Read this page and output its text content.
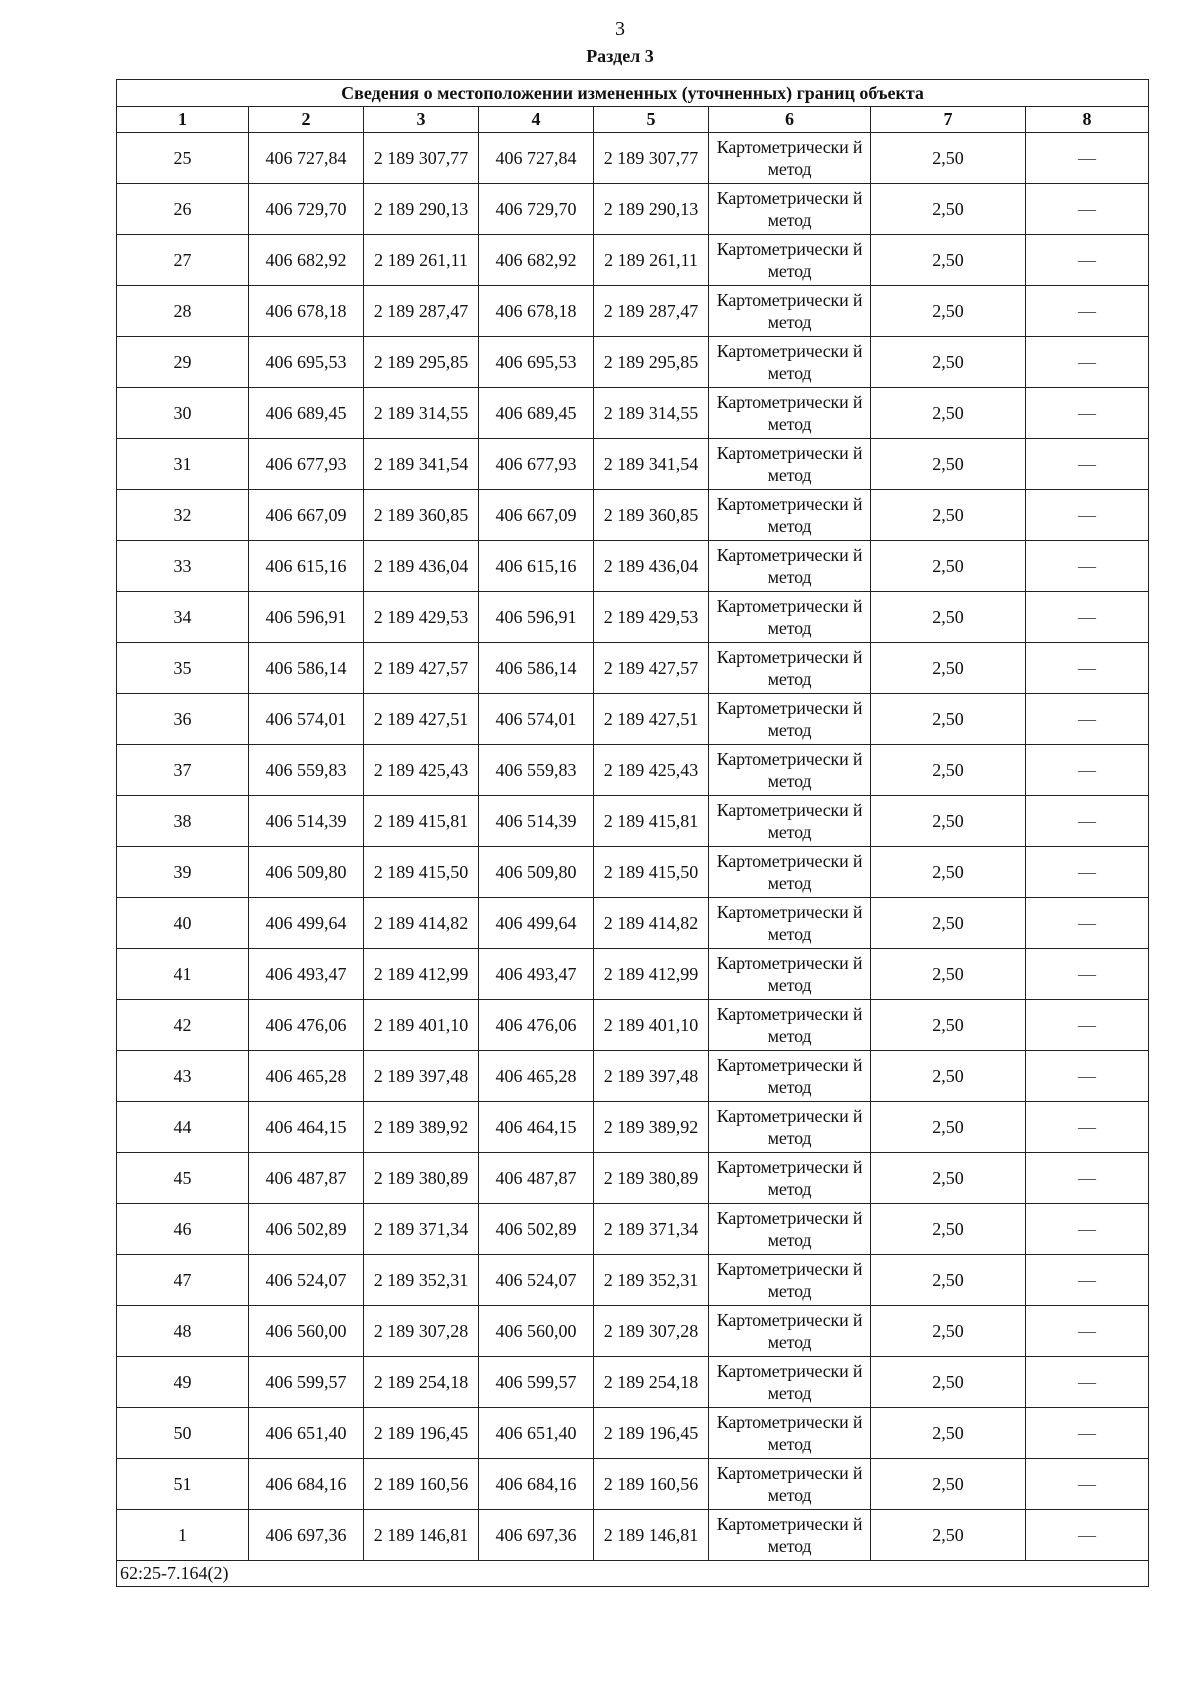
3
Раздел 3
Сведения о местоположении измененных (уточненных) границ объекта							
1	2	3	4	5	6	7	8
25	406 727,84	2 189 307,77	406 727,84	2 189 307,77	Картометрически й метод	2,50	—
26	406 729,70	2 189 290,13	406 729,70	2 189 290,13	Картометрически й метод	2,50	—
27	406 682,92	2 189 261,11	406 682,92	2 189 261,11	Картометрически й метод	2,50	—
28	406 678,18	2 189 287,47	406 678,18	2 189 287,47	Картометрически й метод	2,50	—
29	406 695,53	2 189 295,85	406 695,53	2 189 295,85	Картометрически й метод	2,50	—
30	406 689,45	2 189 314,55	406 689,45	2 189 314,55	Картометрически й метод	2,50	—
31	406 677,93	2 189 341,54	406 677,93	2 189 341,54	Картометрически й метод	2,50	—
32	406 667,09	2 189 360,85	406 667,09	2 189 360,85	Картометрически й метод	2,50	—
33	406 615,16	2 189 436,04	406 615,16	2 189 436,04	Картометрически й метод	2,50	—
34	406 596,91	2 189 429,53	406 596,91	2 189 429,53	Картометрически й метод	2,50	—
35	406 586,14	2 189 427,57	406 586,14	2 189 427,57	Картометрически й метод	2,50	—
36	406 574,01	2 189 427,51	406 574,01	2 189 427,51	Картометрически й метод	2,50	—
37	406 559,83	2 189 425,43	406 559,83	2 189 425,43	Картометрически й метод	2,50	—
38	406 514,39	2 189 415,81	406 514,39	2 189 415,81	Картометрически й метод	2,50	—
39	406 509,80	2 189 415,50	406 509,80	2 189 415,50	Картометрически й метод	2,50	—
40	406 499,64	2 189 414,82	406 499,64	2 189 414,82	Картометрически й метод	2,50	—
41	406 493,47	2 189 412,99	406 493,47	2 189 412,99	Картометрически й метод	2,50	—
42	406 476,06	2 189 401,10	406 476,06	2 189 401,10	Картометрически й метод	2,50	—
43	406 465,28	2 189 397,48	406 465,28	2 189 397,48	Картометрически й метод	2,50	—
44	406 464,15	2 189 389,92	406 464,15	2 189 389,92	Картометрически й метод	2,50	—
45	406 487,87	2 189 380,89	406 487,87	2 189 380,89	Картометрически й метод	2,50	—
46	406 502,89	2 189 371,34	406 502,89	2 189 371,34	Картометрически й метод	2,50	—
47	406 524,07	2 189 352,31	406 524,07	2 189 352,31	Картометрически й метод	2,50	—
48	406 560,00	2 189 307,28	406 560,00	2 189 307,28	Картометрически й метод	2,50	—
49	406 599,57	2 189 254,18	406 599,57	2 189 254,18	Картометрически й метод	2,50	—
50	406 651,40	2 189 196,45	406 651,40	2 189 196,45	Картометрически й метод	2,50	—
51	406 684,16	2 189 160,56	406 684,16	2 189 160,56	Картометрически й метод	2,50	—
1	406 697,36	2 189 146,81	406 697,36	2 189 146,81	Картометрически й метод	2,50	—
62:25-7.164(2)							
